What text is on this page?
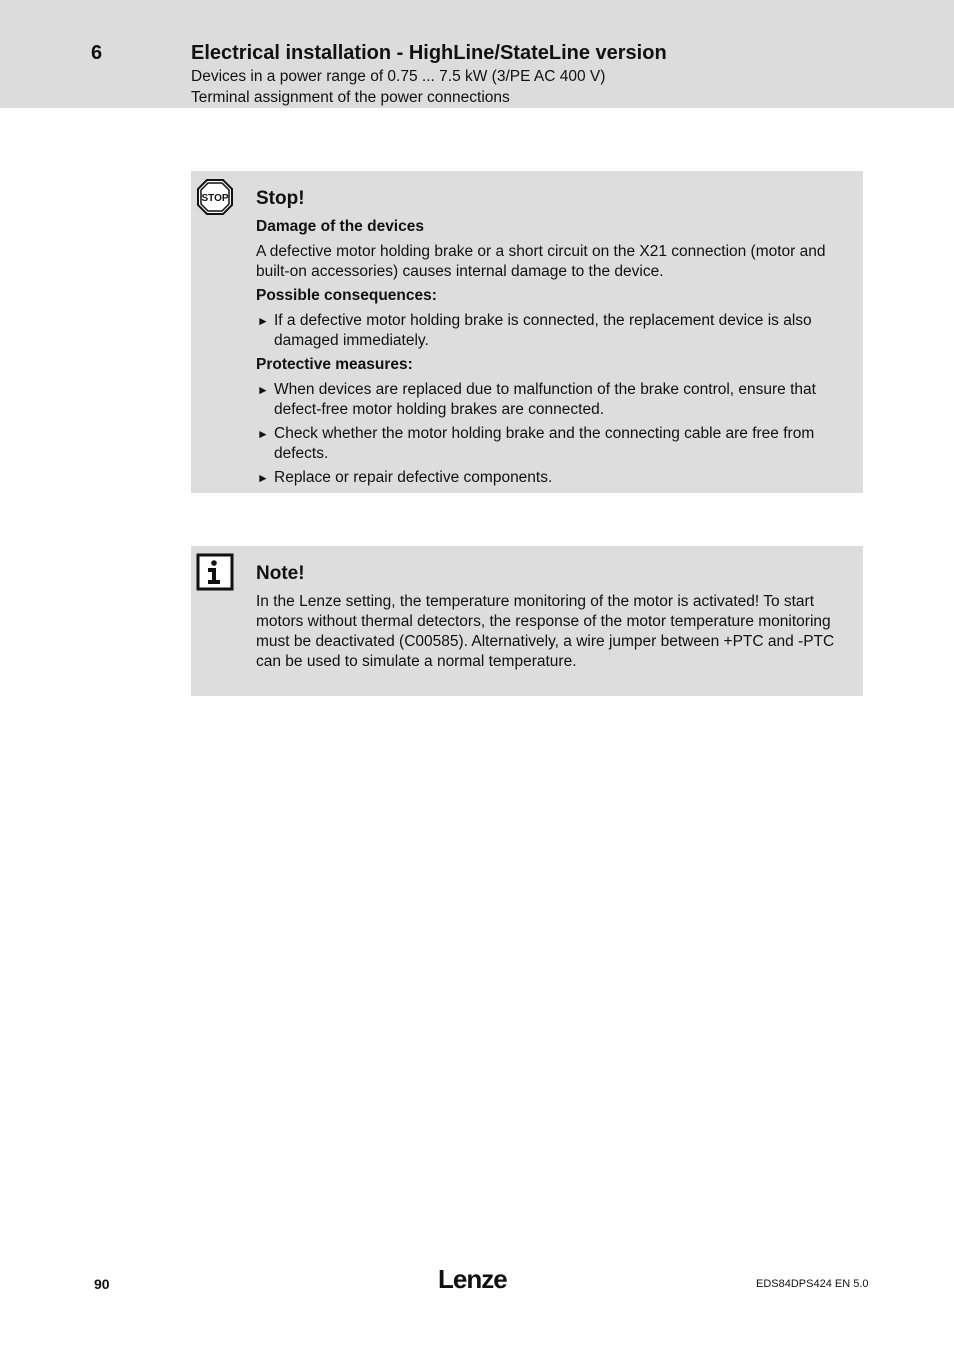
6	Electrical installation - HighLine/StateLine version
Devices in a power range of 0.75 ... 7.5 kW (3/PE AC 400 V)
Terminal assignment of the power connections
STOP Stop!
Damage of the devices
A defective motor holding brake or a short circuit on the X21 connection (motor and built-on accessories) causes internal damage to the device.
Possible consequences:
► If a defective motor holding brake is connected, the replacement device is also damaged immediately.
Protective measures:
► When devices are replaced due to malfunction of the brake control, ensure that defect-free motor holding brakes are connected.
► Check whether the motor holding brake and the connecting cable are free from defects.
► Replace or repair defective components.
Note!
In the Lenze setting, the temperature monitoring of the motor is activated! To start motors without thermal detectors, the response of the motor temperature monitoring must be deactivated (C00585). Alternatively, a wire jumper between +PTC and -PTC can be used to simulate a normal temperature.
90	Lenze	EDS84DPS424 EN 5.0
